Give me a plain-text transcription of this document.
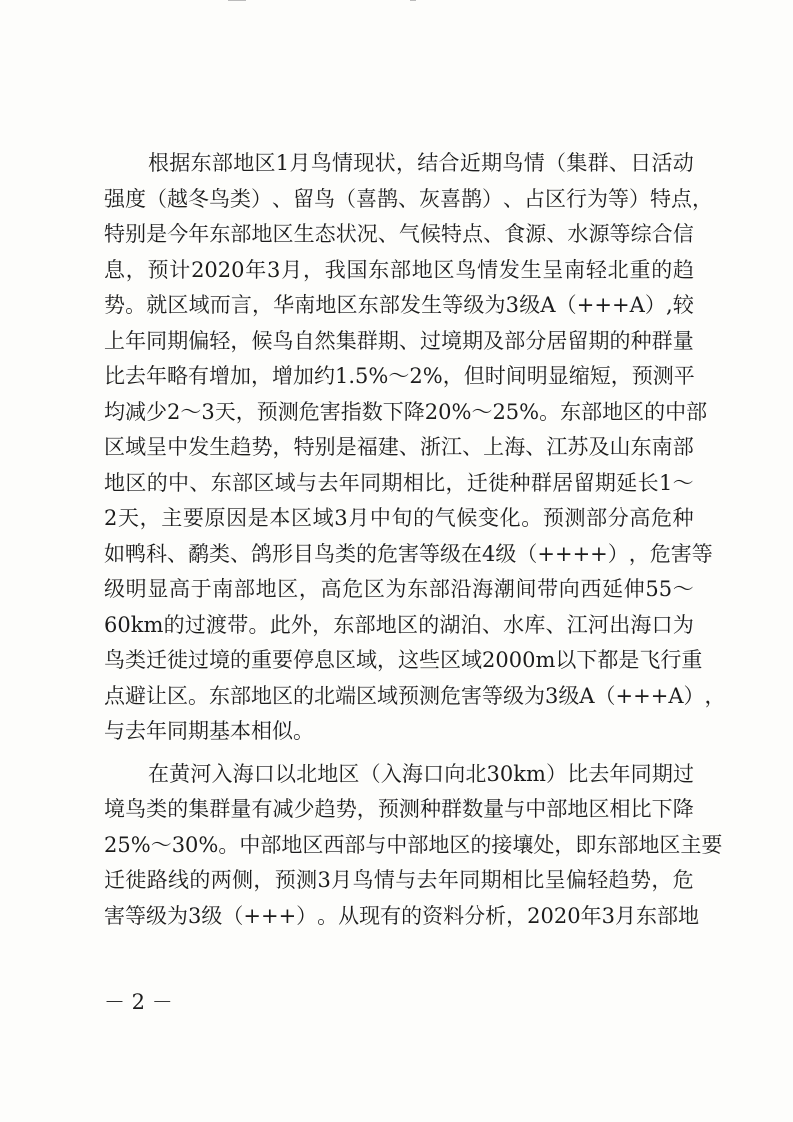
根 据 东 部 地 区 1 月 鸟 情 现 状 ， 结 合 近 期 鸟 情 （ 集 群 、 日 活 动
强 度 （ 越 冬 鸟 类 ） 、 留 鸟 （ 喜 鹊 、 灰 喜 鹊 ） 、 占 区 行 为 等 ） 特 点 ，
特 别 是 今 年 东 部 地 区 生 态 状 况 、 气 候 特 点 、 食 源 、 水 源 等 综 合 信
息 ， 预 计 2020 年 3 月 ， 我 国 东 部 地 区 鸟 情 发 生 呈 南 轻 北 重 的 趋
势 。 就 区 域 而 言 ， 华 南 地 区 东 部 发 生 等 级 为 3 级 A （ +++A ） , 较
上 年 同 期 偏 轻 ， 候 鸟 自 然 集 群 期 、 过 境 期 及 部 分 居 留 期 的 种 群 量
比 去 年 略 有 增 加 ， 增 加 约 1.5% ～ 2% ， 但 时 间 明 显 缩 短 ， 预 测 平
均 减 少 2 ～ 3 天 ， 预 测 危 害 指 数 下 降 20% ～ 25% 。 东 部 地 区 的 中 部
区 域 呈 中 发 生 趋 势 ， 特 别 是 福 建 、 浙 江 、 上 海 、 江 苏 及 山 东 南 部
地 区 的 中 、 东 部 区 域 与 去 年 同 期 相 比 ， 迁 徙 种 群 居 留 期 延 长 1 ～
2 天 ， 主 要 原 因 是 本 区 域 3 月 中 旬 的 气 候 变 化 。 预 测 部 分 高 危 种
如 鸭 科 、 鹬 类 、 鸽 形 目 鸟 类 的 危 害 等 级 在 4 级 （ ++++ ） ， 危 害 等
级 明 显 高 于 南 部 地 区 ， 高 危 区 为 东 部 沿 海 潮 间 带 向 西 延 伸 55 ～
60km 的 过 渡 带 。 此 外 ， 东 部 地 区 的 湖 泊 、 水 库 、 江 河 出 海 口 为
鸟 类 迁 徙 过 境 的 重 要 停 息 区 域 ， 这 些 区 域 2000m 以 下 都 是 飞 行 重
点 避 让 区 。 东 部 地 区 的 北 端 区 域 预 测 危 害 等 级 为 3 级 A （ +++A ） ，
与去年同期基本相似。
在 黄 河 入 海 口 以 北 地 区 （ 入 海 口 向 北 30km ） 比 去 年 同 期 过
境 鸟 类 的 集 群 量 有 减 少 趋 势 ， 预 测 种 群 数 量 与 中 部 地 区 相 比 下 降
25% ～ 30% 。 中 部 地 区 西 部 与 中 部 地 区 的 接 壤 处 ， 即 东 部 地 区 主 要
迁 徙 路 线 的 两 侧 ， 预 测 3 月 鸟 情 与 去 年 同 期 相 比 呈 偏 轻 趋 势 ， 危
害 等 级 为 3 级 （ +++ ） 。 从 现 有 的 资 料 分 析 ， 2020 年 3 月 东 部 地
－ 2 －
